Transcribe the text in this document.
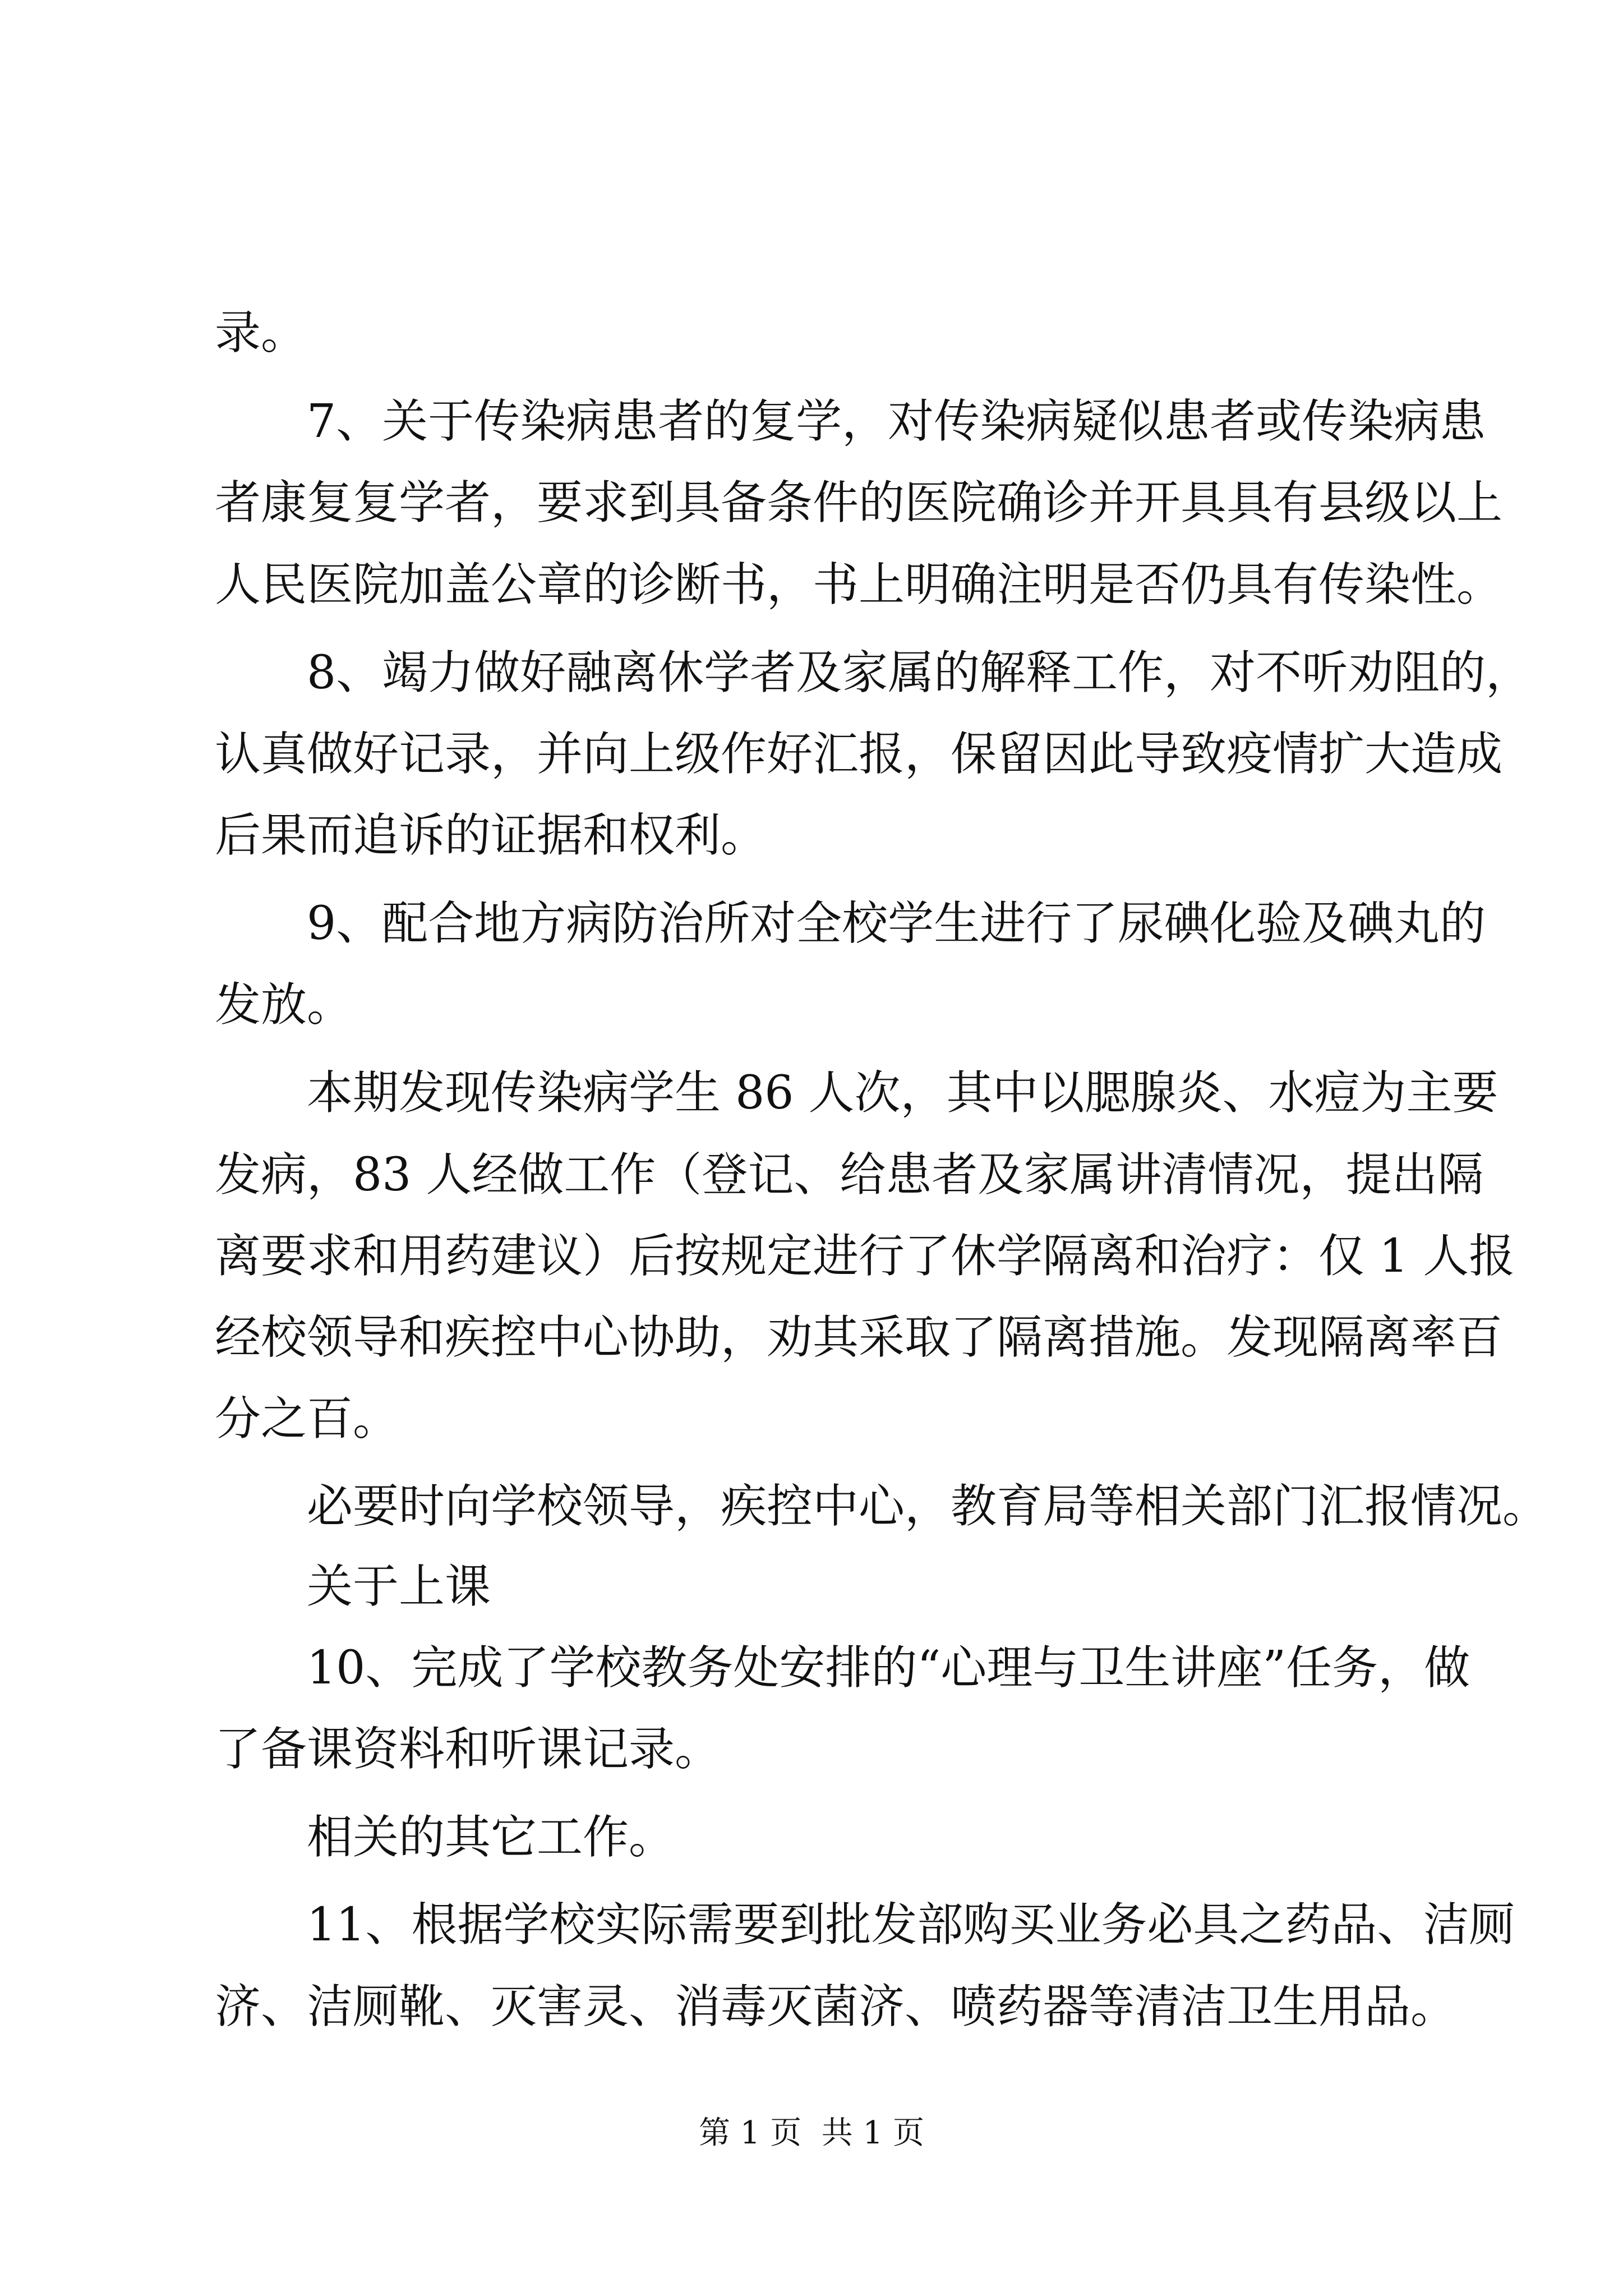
录。
7、关于传染病患者的复学，对传染病疑似患者或传染病患
者康复复学者，要求到具备条件的医院确诊并开具具有县级以上
人民医院加盖公章的诊断书，书上明确注明是否仍具有传染性。
8、竭力做好融离休学者及家属的解释工作，对不听劝阻的，
认真做好记录，并向上级作好汇报，保留因此导致疫情扩大造成
后果而追诉的证据和权利。
9、配合地方病防治所对全校学生进行了尿碘化验及碘丸的
发放。
本期发现传染病学生 86 人次，其中以腮腺炎、水痘为主要
发病，83 人经做工作（登记、给患者及家属讲清情况，提出隔
离要求和用药建议）后按规定进行了休学隔离和治疗：仅 1 人报
经校领导和疾控中心协助，劝其采取了隔离措施。发现隔离率百
分之百。
必要时向学校领导，疾控中心，教育局等相关部门汇报情况。
关于上课
10、完成了学校教务处安排的“心理与卫生讲座”任务，做
了备课资料和听课记录。
相关的其它工作。
11、根据学校实际需要到批发部购买业务必具之药品、洁厕
济、洁厕靴、灭害灵、消毒灭菌济、喷药器等清洁卫生用品。
第 1 页  共 1 页
